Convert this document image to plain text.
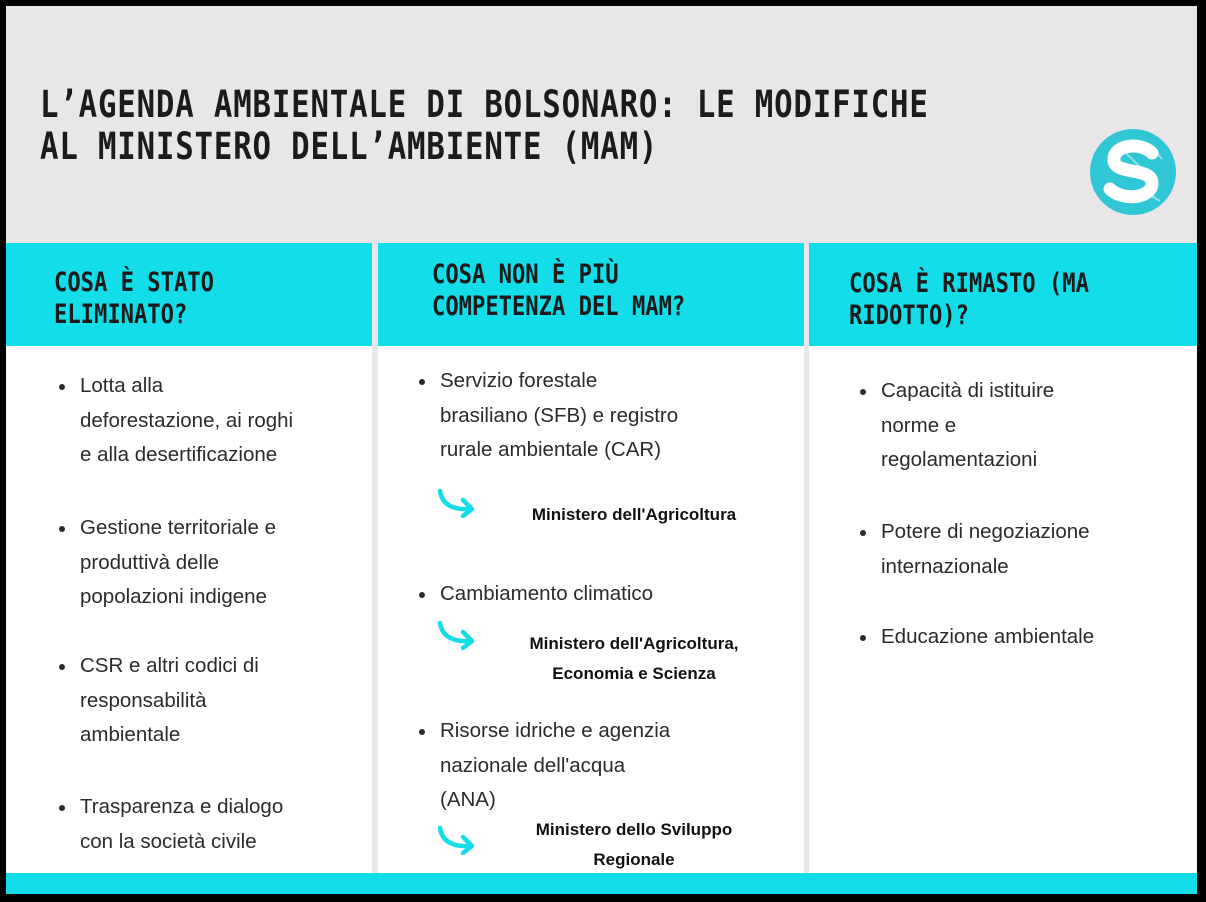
L’AGENDA AMBIENTALE DI BOLSONARO: LE MODIFICHE
AL MINISTERO DELL’AMBIENTE (MAM)
COSA È STATO
ELIMINATO?
Lotta alla
deforestazione, ai roghi
e alla desertificazione
Gestione territoriale e
produttivà delle
popolazioni indigene
CSR e altri codici di
responsabilità
ambientale
Trasparenza e dialogo
con la società civile
COSA NON È PIÙ
COMPETENZA DEL MAM?
Servizio forestale
brasiliano (SFB) e registro
rurale ambientale (CAR)
Ministero dell'Agricoltura
Cambiamento climatico
Ministero dell'Agricoltura,
Economia e Scienza
Risorse idriche e agenzia
nazionale dell'acqua
(ANA)
Ministero dello Sviluppo
Regionale
COSA È RIMASTO (MA
RIDOTTO)?
Capacità di istituire
norme e
regolamentazioni
Potere di negoziazione
internazionale
Educazione ambientale
